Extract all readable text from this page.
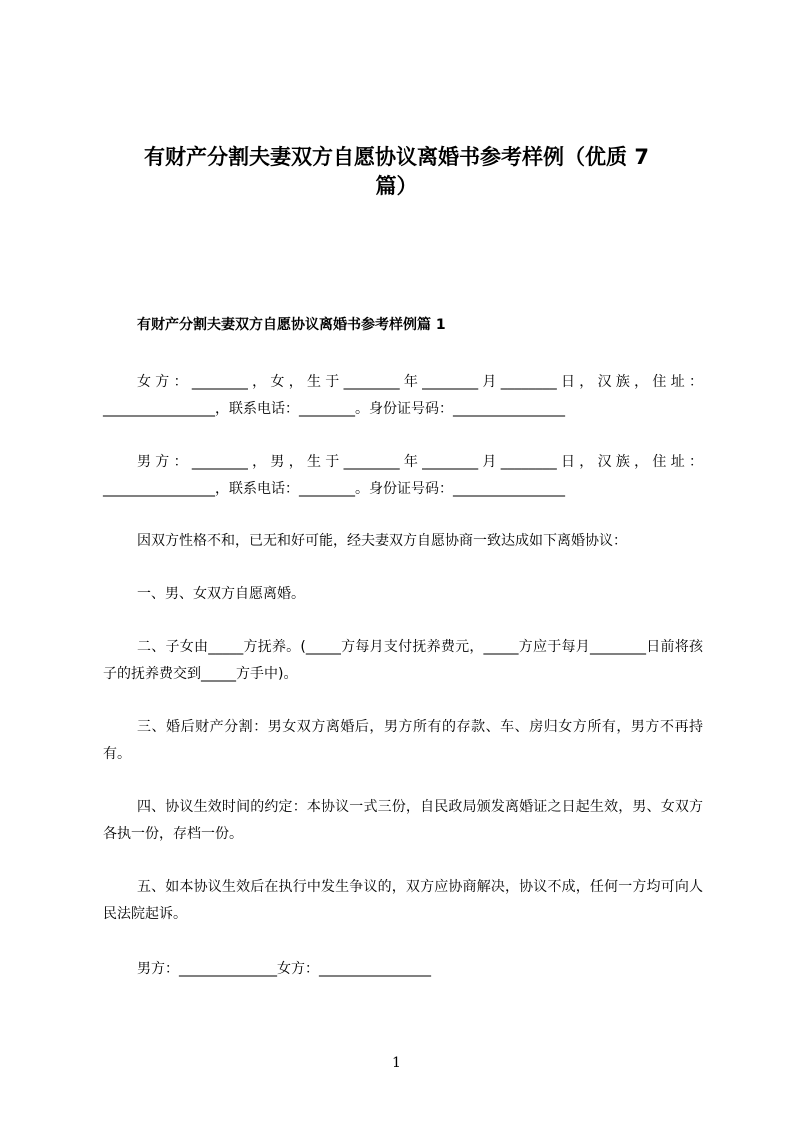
有财产分割夫妻双方自愿协议离婚书参考样例（优质 7
篇）
有财产分割夫妻双方自愿协议离婚书参考样例篇 1
女方：________，女，生于________年________月________日，汉族，住址：________________，联系电话：________。身份证号码：________________
男方：________，男，生于________年________月________日，汉族，住址：________________，联系电话：________。身份证号码：________________
因双方性格不和，已无和好可能，经夫妻双方自愿协商一致达成如下离婚协议：
一、男、女双方自愿离婚。
二、子女由_____方抚养。(_____方每月支付抚养费元，_____方应于每月________日前将孩子的抚养费交到_____方手中)。
三、婚后财产分割：男女双方离婚后，男方所有的存款、车、房归女方所有，男方不再持有。
四、协议生效时间的约定：本协议一式三份，自民政局颁发离婚证之日起生效，男、女双方各执一份，存档一份。
五、如本协议生效后在执行中发生争议的，双方应协商解决，协议不成，任何一方均可向人民法院起诉。
男方：______________女方：________________
1
